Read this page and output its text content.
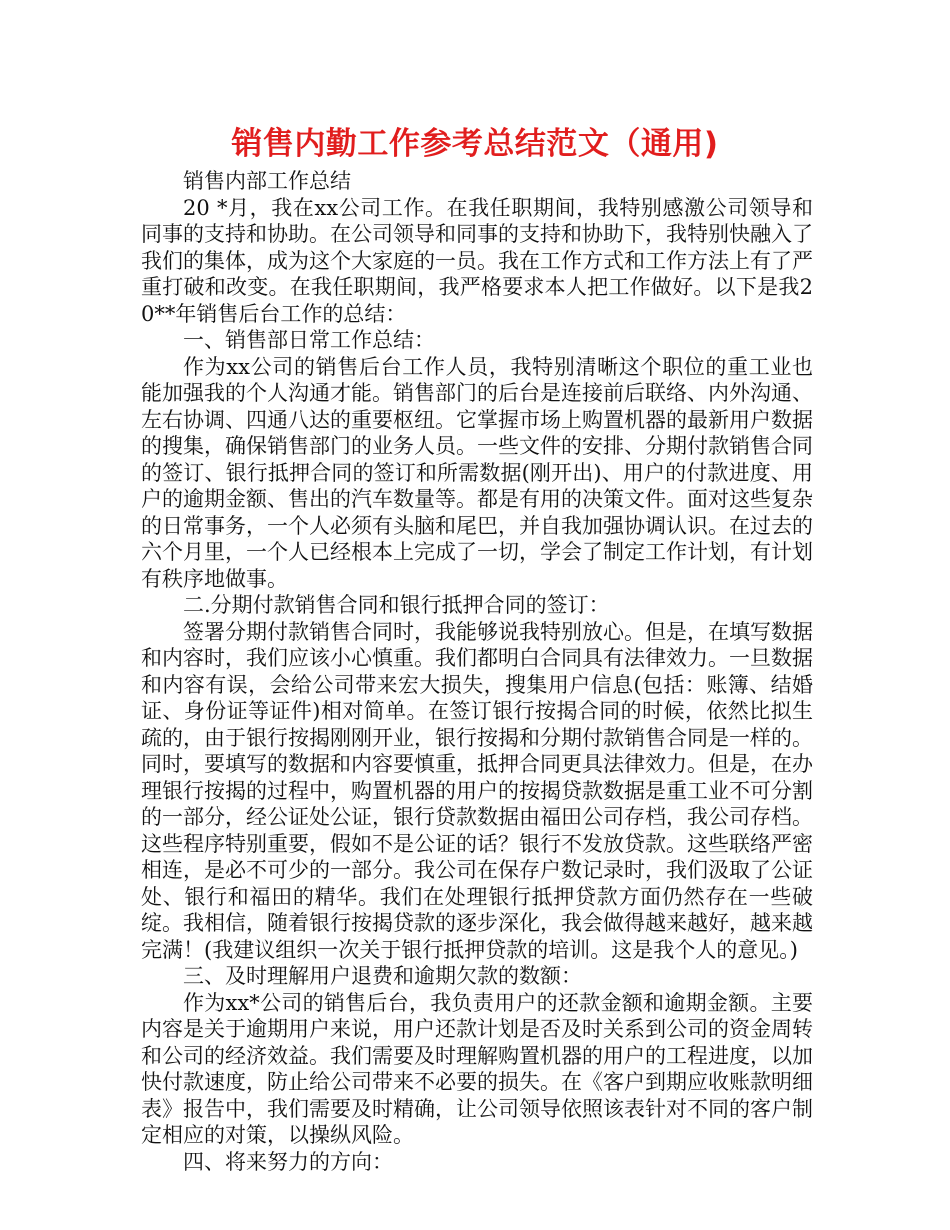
销售内勤工作参考总结范文（通用)

销售内部工作总结

20 *月，我在xx公司工作。在我任职期间，我特别感激公司领导和同事的支持和协助。在公司领导和同事的支持和协助下，我特别快融入了我们的集体，成为这个大家庭的一员。我在工作方式和工作方法上有了严重打破和改变。在我任职期间，我严格要求本人把工作做好。以下是我20**年销售后台工作的总结：

一、销售部日常工作总结：

作为xx公司的销售后台工作人员，我特别清晰这个职位的重工业也能加强我的个人沟通才能。销售部门的后台是连接前后联络、内外沟通、左右协调、四通八达的重要枢纽。它掌握市场上购置机器的最新用户数据的搜集，确保销售部门的业务人员。一些文件的安排、分期付款销售合同的签订、银行抵押合同的签订和所需数据(刚开出)、用户的付款进度、用户的逾期金额、售出的汽车数量等。都是有用的决策文件。面对这些复杂的日常事务，一个人必须有头脑和尾巴，并自我加强协调认识。在过去的六个月里，一个人已经根本上完成了一切，学会了制定工作计划，有计划有秩序地做事。

二.分期付款销售合同和银行抵押合同的签订：

签署分期付款销售合同时，我能够说我特别放心。但是，在填写数据和内容时，我们应该小心慎重。我们都明白合同具有法律效力。一旦数据和内容有误，会给公司带来宏大损失，搜集用户信息(包括：账簿、结婚证、身份证等证件)相对简单。在签订银行按揭合同的时候，依然比拟生疏的，由于银行按揭刚刚开业，银行按揭和分期付款销售合同是一样的。同时，要填写的数据和内容要慎重，抵押合同更具法律效力。但是，在办理银行按揭的过程中，购置机器的用户的按揭贷款数据是重工业不可分割的一部分，经公证处公证，银行贷款数据由福田公司存档，我公司存档。这些程序特别重要，假如不是公证的话？银行不发放贷款。这些联络严密相连，是必不可少的一部分。我公司在保存户数记录时，我们汲取了公证处、银行和福田的精华。我们在处理银行抵押贷款方面仍然存在一些破绽。我相信，随着银行按揭贷款的逐步深化，我会做得越来越好，越来越完满！(我建议组织一次关于银行抵押贷款的培训。这是我个人的意见。)

三、及时理解用户退费和逾期欠款的数额：

作为xx*公司的销售后台，我负责用户的还款金额和逾期金额。主要内容是关于逾期用户来说，用户还款计划是否及时关系到公司的资金周转和公司的经济效益。我们需要及时理解购置机器的用户的工程进度，以加快付款速度，防止给公司带来不必要的损失。在《客户到期应收账款明细表》报告中，我们需要及时精确，让公司领导依照该表针对不同的客户制定相应的对策，以操纵风险。

四、将来努力的方向：
